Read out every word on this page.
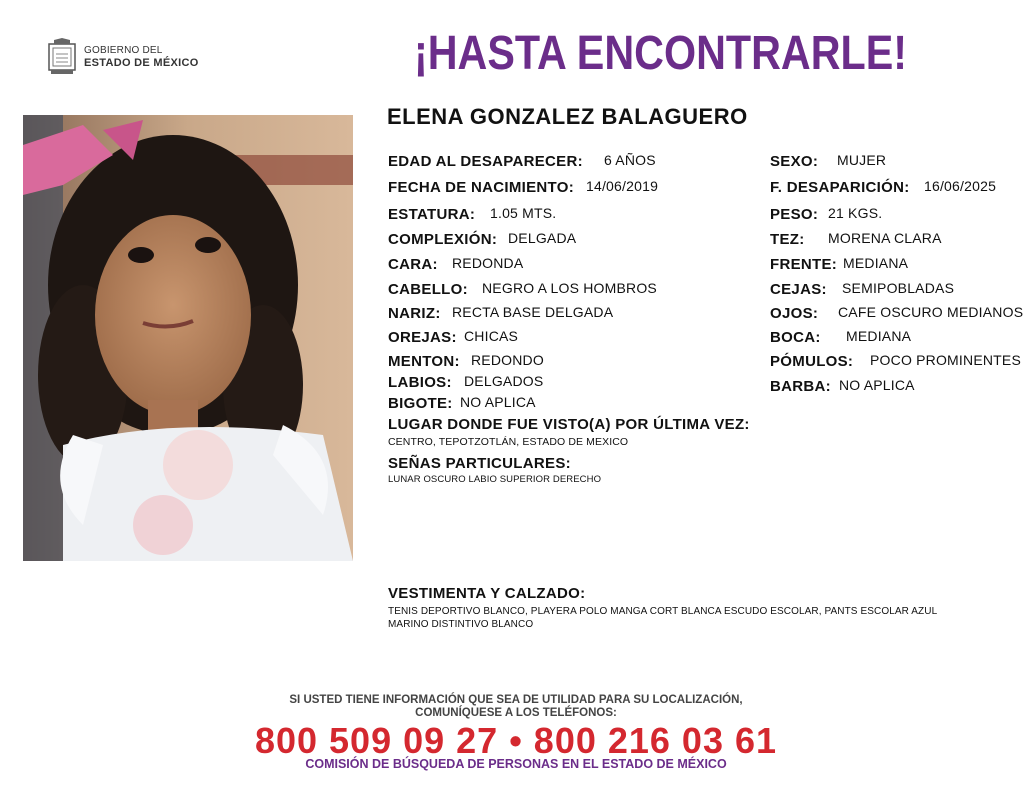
GOBIERNO DEL
ESTADO DE MÉXICO	¡HASTA ENCONTRARLE!
ELENA GONZALEZ BALAGUERO
EDAD AL DESAPARECER: 6 AÑOS
FECHA DE NACIMIENTO: 14/06/2019
ESTATURA: 1.05 MTS.
COMPLEXIÓN: DELGADA
CARA: REDONDA
CABELLO: NEGRO A LOS HOMBROS
NARIZ: RECTA BASE DELGADA
OREJAS: CHICAS
MENTON: REDONDO
LABIOS: DELGADOS
BIGOTE: NO APLICA
SEXO: MUJER
F. DESAPARICIÓN: 16/06/2025
PESO: 21 KGS.
TEZ: MORENA CLARA
FRENTE: MEDIANA
CEJAS: SEMIPOBLADAS
OJOS: CAFE OSCURO MEDIANOS
BOCA: MEDIANA
PÓMULOS: POCO PROMINENTES
BARBA: NO APLICA
LUGAR DONDE FUE VISTO(A) POR ÚLTIMA VEZ:
CENTRO, TEPOTZOTLÁN, ESTADO DE MEXICO
SEÑAS PARTICULARES:
LUNAR OSCURO LABIO SUPERIOR DERECHO
VESTIMENTA Y CALZADO:
TENIS DEPORTIVO BLANCO, PLAYERA POLO MANGA CORT BLANCA ESCUDO ESCOLAR, PANTS ESCOLAR AZUL
MARINO DISTINTIVO BLANCO
SI USTED TIENE INFORMACIÓN QUE SEA DE UTILIDAD PARA SU LOCALIZACIÓN,
COMUNÍQUESE A LOS TELÉFONOS:
800 509 09 27 • 800 216 03 61
COMISIÓN DE BÚSQUEDA DE PERSONAS EN EL ESTADO DE MÉXICO
